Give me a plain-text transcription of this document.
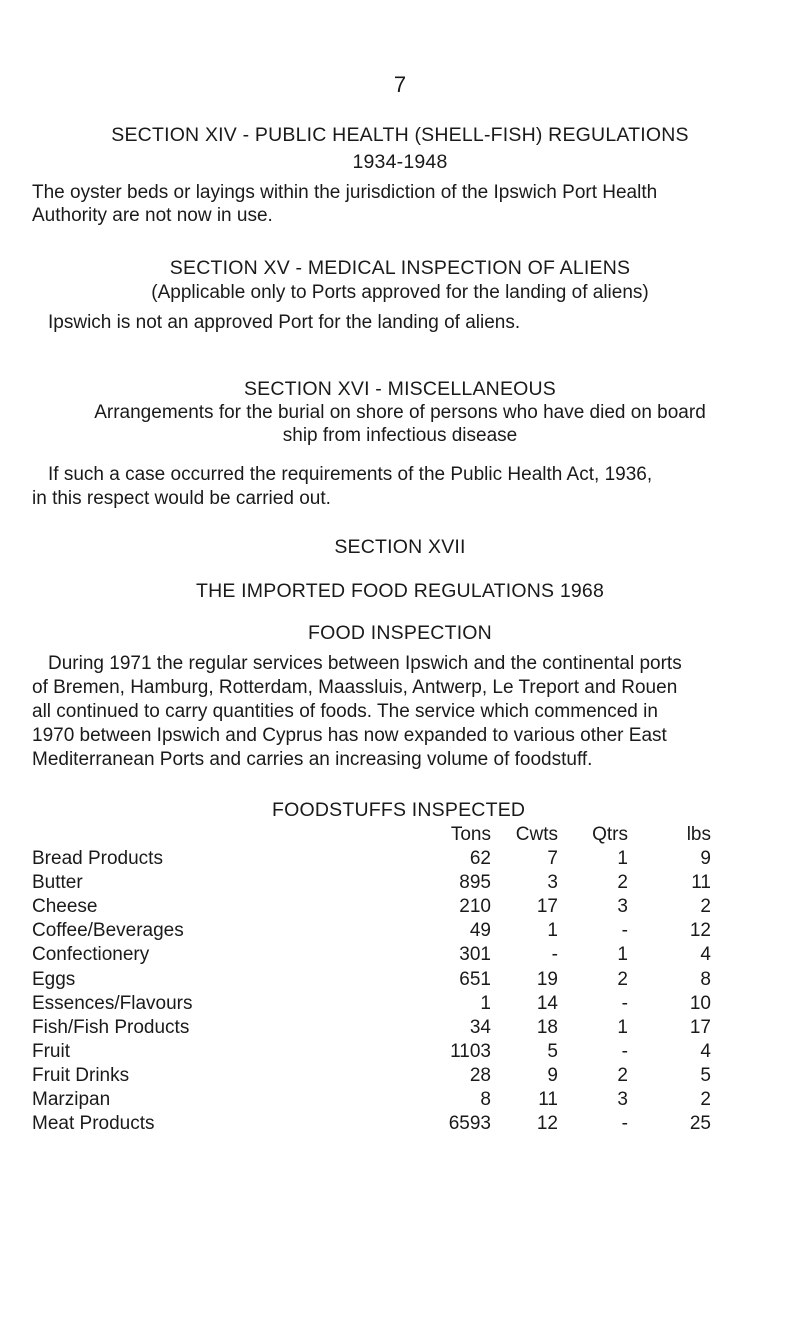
7
SECTION XIV - PUBLIC HEALTH (SHELL-FISH) REGULATIONS
1934-1948
The oyster beds or layings within the jurisdiction of the Ipswich Port Health
Authority are not now in use.
SECTION XV - MEDICAL INSPECTION OF ALIENS
(Applicable only to Ports approved for the landing of aliens)
Ipswich is not an approved Port for the landing of aliens.
SECTION XVI - MISCELLANEOUS
Arrangements for the burial on shore of persons who have died on board
ship from infectious disease
If such a case occurred the requirements of the Public Health Act, 1936,
in this respect would be carried out.
SECTION XVII
THE IMPORTED FOOD REGULATIONS 1968
FOOD INSPECTION
During 1971 the regular services between Ipswich and the continental ports
of Bremen, Hamburg, Rotterdam, Maassluis, Antwerp, Le Treport and Rouen
all continued to carry quantities of foods. The service which commenced in
1970 between Ipswich and Cyprus has now expanded to various other East
Mediterranean Ports and carries an increasing volume of foodstuff.
FOODSTUFFS INSPECTED
Tons Cwts Qtrs	lbs
Bread Products	62	7	1	9
Butter	895	3	2	11
Cheese	210 17	3	2
Coffee/Beverages	49	1	-	12
Confectionery	301	-	1	4
Eggs	651 19	2	8
Essences/Flavours	1 14	-	10
Fish/Fish Products	34 18	1	17
Fruit	1103	5	-	4
Fruit Drinks	28	9	2	5
Marzipan	8 11	3	2
Meat Products	6593 12	-	25
